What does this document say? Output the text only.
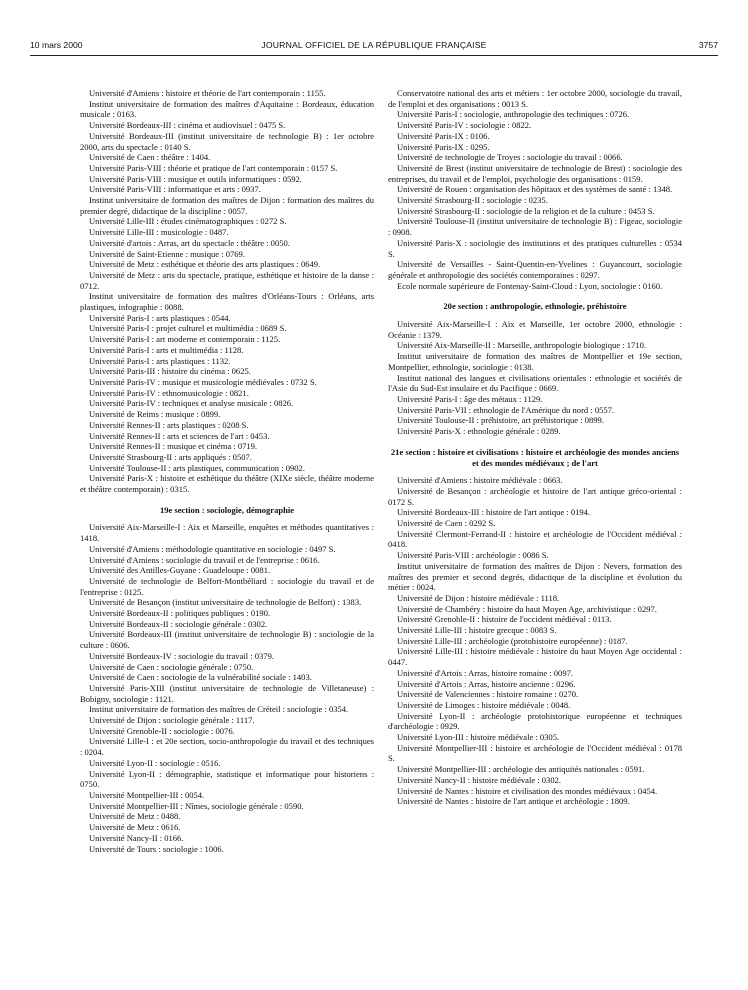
10 mars 2000	JOURNAL OFFICIEL DE LA RÉPUBLIQUE FRANÇAISE	3757
Université d'Amiens : histoire et théorie de l'art contemporain : 1155.
Institut universitaire de formation des maîtres d'Aquitaine : Bordeaux, éducation musicale : 0163.
Université Bordeaux-III : cinéma et audiovisuel : 0475 S.
Université Bordeaux-III (institut universitaire de technologie B) : 1er octobre 2000, arts du spectacle : 0140 S.
Université de Caen : théâtre : 1404.
Université Paris-VIII : théorie et pratique de l'art contemporain : 0157 S.
Université Paris-VIII : musique et outils informatiques : 0592.
Université Paris-VIII : informatique et arts : 0937.
Institut universitaire de formation des maîtres de Dijon : formation des maîtres du premier degré, didactique de la discipline : 0057.
Université Lille-III : études cinématographiques : 0272 S.
Université Lille-III : musicologie : 0487.
Université d'artois : Arras, art du spectacle : théâtre : 0050.
Université de Saint-Etienne : musique : 0769.
Université de Metz : esthétique et théorie des arts plastiques : 0649.
Université de Metz : arts du spectacle, pratique, esthétique et histoire de la danse : 0712.
Institut universitaire de formation des maîtres d'Orléans-Tours : Orléans, arts plastiques, infographie : 0088.
Université Paris-I : arts plastiques : 0544.
Université Paris-I : projet culturel et multimédia : 0689 S.
Université Paris-I : art moderne et contemporain : 1125.
Université Paris-I : arts et multimédia : 1128.
Université Paris-I : arts plastiques : 1132.
Université Paris-III : histoire du cinéma : 0625.
Université Paris-IV : musique et musicologie médiévales : 0732 S.
Université Paris-IV : ethnomusicologie : 0821.
Université Paris-IV : techniques et analyse musicale : 0826.
Université de Reims : musique : 0899.
Université Rennes-II : arts plastiques : 0208 S.
Université Rennes-II : arts et sciences de l'art : 0453.
Université Rennes-II : musique et cinéma : 0719.
Université Strasbourg-II : arts appliqués : 0507.
Université Toulouse-II : arts plastiques, communication : 0902.
Université Paris-X : histoire et esthétique du théâtre (XIXe siècle, théâtre moderne et théâtre contemporain) : 0315.
19e section : sociologie, démographie
Université Aix-Marseille-I : Aix et Marseille, enquêtes et méthodes quantitatives : 1418.
Université d'Amiens : méthodologie quantitative en sociologie : 0497 S.
Université d'Amiens : sociologie du travail et de l'entreprise : 0616.
Université des Antilles-Guyane : Guadeloupe : 0081.
Université de technologie de Belfort-Montbéliard : sociologie du travail et de l'entreprise : 0125.
Université de Besançon (institut universitaire de technologie de Belfort) : 1383.
Université Bordeaux-II : politiques publiques : 0190.
Université Bordeaux-II : sociologie générale : 0302.
Université Bordeaux-III (institut universitaire de technologie B) : sociologie de la culture : 0606.
Université Bordeaux-IV : sociologie du travail : 0379.
Université de Caen : sociologie générale : 0750.
Université de Caen : sociologie de la vulnérabilité sociale : 1403.
Université Paris-XIII (institut universitaire de technologie de Villetaneuse) : Bobigny, sociologie : 1121.
Institut universitaire de formation des maîtres de Créteil : sociologie : 0354.
Université de Dijon : sociologie générale : 1117.
Université Grenoble-II : sociologie : 0076.
Université Lille-I : et 20e section, socio-anthropologie du travail et des techniques : 0204.
Université Lyon-II : sociologie : 0516.
Université Lyon-II : démographie, statistique et informatique pour historiens : 0750.
Université Montpellier-III : 0054.
Université Montpellier-III : Nîmes, sociologie générale : 0590.
Université de Metz : 0488.
Université de Metz : 0616.
Université Nancy-II : 0166.
Université de Tours : sociologie : 1006.
Conservatoire national des arts et métiers : 1er octobre 2000, sociologie du travail, de l'emploi et des organisations : 0013 S.
Université Paris-I : sociologie, anthropologie des techniques : 0726.
Université Paris-IV : sociologie : 0822.
Université Paris-IX : 0106.
Université Paris-IX : 0295.
Université de technologie de Troyes : sociologie du travail : 0066.
Université de Brest (institut universitaire de technologie de Brest) : sociologie des entreprises, du travail et de l'emploi, psychologie des organisations : 0159.
Université de Rouen : organisation des hôpitaux et des systèmes de santé : 1348.
Université Strasbourg-II : sociologie : 0235.
Université Strasbourg-II : sociologie de la religion et de la culture : 0453 S.
Université Toulouse-II (institut universitaire de technologie B) : Figeac, sociologie : 0908.
Université Paris-X : sociologie des institutions et des pratiques culturelles : 0534 S.
Université de Versailles - Saint-Quentin-en-Yvelines : Guyancourt, sociologie générale et anthropologie des sociétés contemporaines : 0297.
Ecole normale supérieure de Fontenay-Saint-Cloud : Lyon, sociologie : 0160.
20e section : anthropologie, ethnologie, préhistoire
Université Aix-Marseille-I : Aix et Marseille, 1er octobre 2000, ethnologie : Océanie : 1379.
Université Aix-Marseille-II : Marseille, anthropologie biologique : 1710.
Institut universitaire de formation des maîtres de Montpellier et 19e section, Montpellier, ethnologie, sociologie : 0138.
Institut national des langues et civilisations orientales : ethnologie et sociétés de l'Asie du Sud-Est insulaire et du Pacifique : 0669.
Université Paris-I : âge des métaux : 1129.
Université Paris-VII : ethnologie de l'Amérique du nord : 0557.
Université Toulouse-II : préhistoire, art préhistorique : 0899.
Université Paris-X : ethnologie générale : 0289.
21e section : histoire et civilisations : histoire et archéologie des mondes anciens et des mondes médiévaux ; de l'art
Université d'Amiens : histoire médiévale : 0663.
Université de Besançon : archéologie et histoire de l'art antique gréco-oriental : 0172 S.
Université Bordeaux-III : histoire de l'art antique : 0194.
Université de Caen : 0292 S.
Université Clermont-Ferrand-II : histoire et archéologie de l'Occident médiéval : 0418.
Université Paris-VIII : archéologie : 0086 S.
Institut universitaire de formation des maîtres de Dijon : Nevers, formation des maîtres des premier et second degrés, didactique de la discipline et évolution du métier : 0024.
Université de Dijon : histoire médiévale : 1118.
Université de Chambéry : histoire du haut Moyen Age, archivistique : 0297.
Université Grenoble-II : histoire de l'occident médiéval : 0113.
Université Lille-III : histoire grecque : 0083 S.
Université Lille-III : archéologie (protohistoire européenne) : 0187.
Université Lille-III : histoire médiévale : histoire du haut Moyen Age occidental : 0447.
Université d'Artois : Arras, histoire romaine : 0097.
Université d'Artois : Arras, histoire ancienne : 0296.
Université de Valenciennes : histoire romaine : 0270.
Université de Limoges : histoire médiévale : 0048.
Université Lyon-II : archéologie protohistorique européenne et techniques d'archéologie : 0929.
Université Lyon-III : histoire médiévale : 0305.
Université Montpellier-III : histoire et archéologie de l'Occident médiéval : 0178 S.
Université Montpellier-III : archéologie des antiquités nationales : 0591.
Université Nancy-II : histoire médiévale : 0302.
Université de Nantes : histoire et civilisation des mondes médiévaux : 0454.
Université de Nantes : histoire de l'art antique et archéologie : 1809.
